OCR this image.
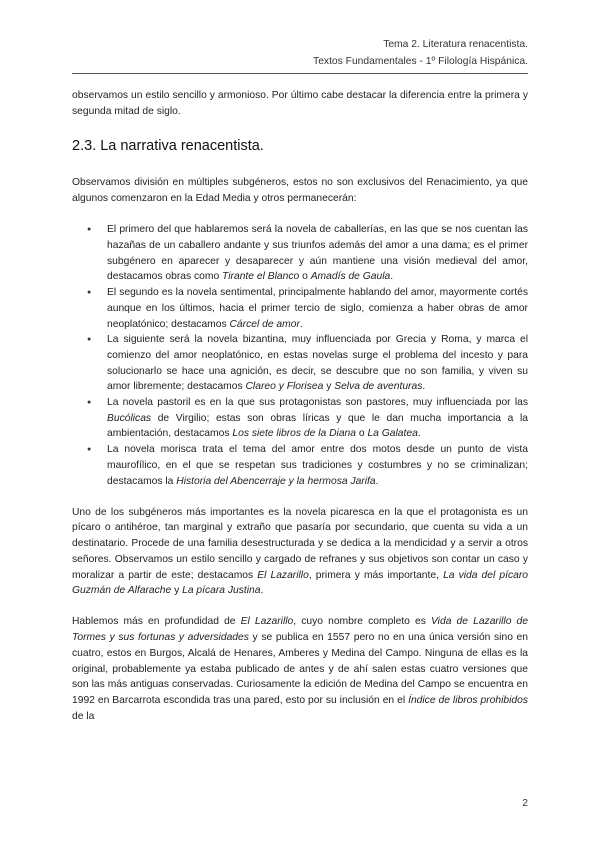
Tema 2. Literatura renacentista.
Textos Fundamentales - 1º Filología Hispánica.

observamos un estilo sencillo y armonioso. Por último cabe destacar la diferencia entre la primera y segunda mitad de siglo.

2.3. La narrativa renacentista.

Observamos división en múltiples subgéneros, estos no son exclusivos del Renacimiento, ya que algunos comenzaron en la Edad Media y otros permanecerán:

● El primero del que hablaremos será la novela de caballerías, en las que se nos cuentan las hazañas de un caballero andante y sus triunfos además del amor a una dama; es el primer subgénero en aparecer y desaparecer y aún mantiene una visión medieval del amor, destacamos obras como Tirante el Blanco o Amadís de Gaula.
● El segundo es la novela sentimental, principalmente hablando del amor, mayormente cortés aunque en los últimos, hacia el primer tercio de siglo, comienza a haber obras de amor neoplatónico; destacamos Cárcel de amor.
● La siguiente será la novela bizantina, muy influenciada por Grecia y Roma, y marca el comienzo del amor neoplatónico, en estas novelas surge el problema del incesto y para solucionarlo se hace una agnición, es decir, se descubre que no son familia, y viven su amor libremente; destacamos Clareo y Florisea y Selva de aventuras.
● La novela pastoril es en la que sus protagonistas son pastores, muy influenciada por las Bucólicas de Virgilio; estas son obras líricas y que le dan mucha importancia a la ambientación, destacamos Los siete libros de la Diana o La Galatea.
● La novela morisca trata el tema del amor entre dos motos desde un punto de vista maurofílico, en el que se respetan sus tradiciones y costumbres y no se criminalizan; destacamos la Historia del Abencerraje y la hermosa Jarifa.

Uno de los subgéneros más importantes es la novela picaresca en la que el protagonista es un pícaro o antihéroe, tan marginal y extraño que pasaría por secundario, que cuenta su vida a un destinatario. Procede de una familia desestructurada y se dedica a la mendicidad y a servir a otros señores. Observamos un estilo sencillo y cargado de refranes y sus objetivos son contar un caso y moralizar a partir de este; destacamos El Lazarillo, primera y más importante, La vida del pícaro Guzmán de Alfarache y La pícara Justina.

Hablemos más en profundidad de El Lazarillo, cuyo nombre completo es Vida de Lazarillo de Tormes y sus fortunas y adversidades y se publica en 1557 pero no en una única versión sino en cuatro, estos en Burgos, Alcalá de Henares, Amberes y Medina del Campo. Ninguna de ellas es la original, probablemente ya estaba publicado de antes y de ahí salen estas cuatro versiones que son las más antiguas conservadas. Curiosamente la edición de Medina del Campo se encuentra en 1992 en Barcarrota escondida tras una pared, esto por su inclusión en el Índice de libros prohibidos de la

2
